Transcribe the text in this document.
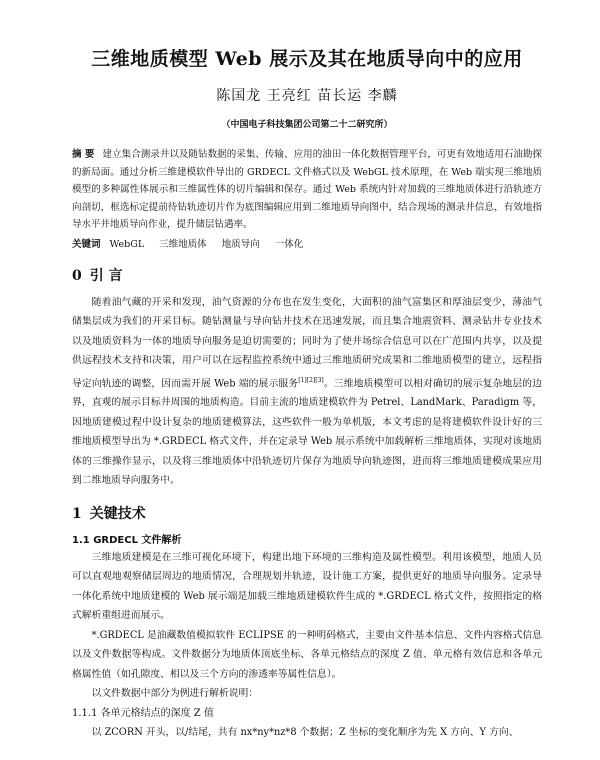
三维地质模型 Web 展示及其在地质导向中的应用
陈国龙 王亮红 苗长运 李麟
（中国电子科技集团公司第二十二研究所）

摘 要 建立集合测录井以及随钻数据的采集、传输、应用的油田一体化数据管理平台，可更有效地适用石油勘探的新局面。通过分析三维建模软件导出的 GRDECL 文件格式以及 WebGL 技术原理，在 Web 端实现三维地质模型的多种属性体展示和三维属性体的切片编辑和保存。通过 Web 系统内针对加载的三维地质体进行沿轨迹方向剖切，框选标定提前待钻轨迹切片作为底图编辑应用到二维地质导向图中，结合现场的测录井信息，有效地指导水平井地质导向作业，提升储层钻遇率。

关键词 WebGL 三维地质体 地质导向 一体化
0 引 言

随着油气藏的开采和发现，油气资源的分布也在发生变化，大面积的油气富集区和厚油层变少，薄油气储集层成为我们的开采目标。随钻测量与导向钻井技术在迅速发展，而且集合地震资料、测录钻井专业技术以及地质资料为一体的地质导向服务是迫切需要的；同时为了使井场综合信息可以在广范围内共享，以及提供远程技术支持和决策，用户可以在远程监控系统中通过三维地质研究成果和二维地质模型的建立，远程指导定向轨迹的调整，因而需开展 Web 端的展示服务[1][2][3]。三维地质模型可以相对确切的展示复杂地层的边界，直观的展示目标井周围的地质构造。目前主流的地质建模软件为 Petrel、LandMark、Paradigm 等，因地质建模过程中设计复杂的地质建模算法，这些软件一般为单机版，本文考虑的是将建模软件设计好的三维地质模型导出为 *.GRDECL 格式文件，并在定录导 Web 展示系统中加载解析三维地质体，实现对该地质体的三维操作显示，以及将三维地质体中沿轨迹切片保存为地质导向轨迹图，进而将三维地质建模成果应用到二维地质导向服务中。

1 关键技术
1.1 GRDECL 文件解析

三维地质建模是在三维可视化环境下，构建出地下环境的三维构造及属性模型。利用该模型，地质人员可以直观地观察储层周边的地质情况，合理规划井轨迹，设计施工方案，提供更好的地质导向服务。定录导一体化系统中地质建模的 Web 展示端是加载三维地质建模软件生成的 *.GRDECL 格式文件，按照指定的格式解析重组进而展示。

*.GRDECL 是油藏数值模拟软件 ECLIPSE 的一种明码格式，主要由文件基本信息、文件内容格式信息以及文件数据等构成。文件数据分为地质体顶底坐标、各单元格结点的深度 Z 值、单元格有效信息和各单元格属性值（如孔隙度、相以及三个方向的渗透率等属性信息）。

以文件数据中部分为例进行解析说明：

1.1.1 各单元格结点的深度 Z 值

以 ZCORN 开头，以/结尾，共有 nx*ny*nz*8 个数据；Z 坐标的变化顺序为先 X 方向、Y 方向、
